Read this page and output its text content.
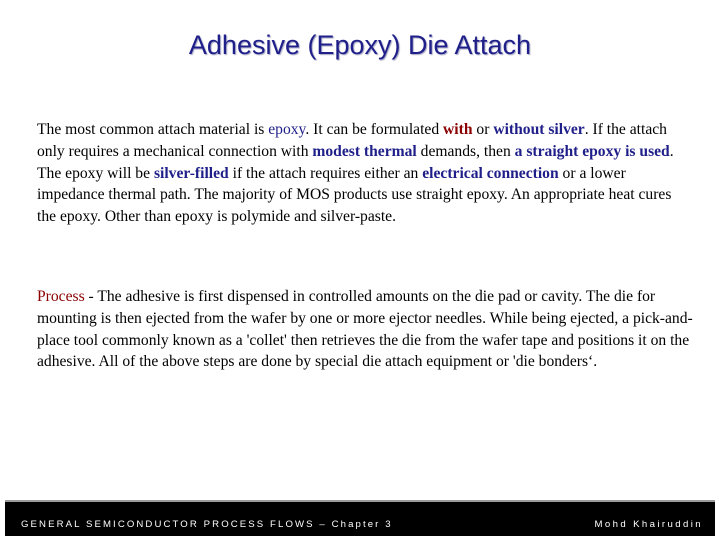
Adhesive (Epoxy) Die Attach
The most common attach material is epoxy. It can be formulated with or without silver. If the attach only requires a mechanical connection with modest thermal demands, then a straight epoxy is used. The epoxy will be silver-filled if the attach requires either an electrical connection or a lower impedance thermal path. The majority of MOS products use straight epoxy. An appropriate heat cures the epoxy. Other than epoxy is polymide and silver-paste.
Process - The adhesive is first dispensed in controlled amounts on the die pad or cavity. The die for mounting is then ejected from the wafer by one or more ejector needles. While being ejected, a pick-and-place tool commonly known as a 'collet' then retrieves the die from the wafer tape and positions it on the adhesive. All of the above steps are done by special die attach equipment or 'die bonders‘.
GENERAL SEMICONDUCTOR PROCESS FLOWS – Chapter 3	Mohd Khairuddin
